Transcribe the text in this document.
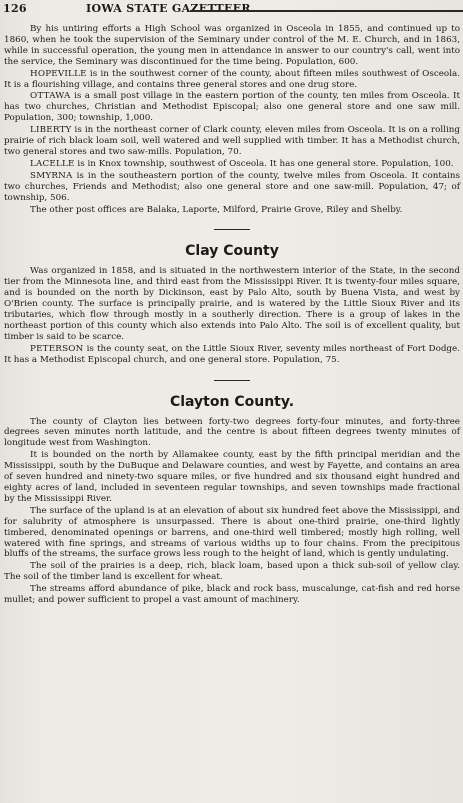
126	IOWA STATE GAZETTEER.

By his untiring efforts a High School was organized in Osceola in 1855, and continued up to 1860, when he took the supervision of the Seminary under control of the M. E. Church, and in 1863, while in successful operation, the young men in attendance in answer to our country's call, went into the service, the Seminary was discontinued for the time being. Population, 600.

HOPEVILLE is in the southwest corner of the county, about fifteen miles southwest of Osceola. It is a flourishing village, and contains three general stores and one drug store.

OTTAWA is a small post village in the eastern portion of the county, ten miles from Osceola. It has two churches, Christian and Methodist Episcopal; also one general store and one saw mill. Population, 300; township, 1,000.

LIBERTY is in the northeast corner of Clark county, eleven miles from Osceola. It is on a rolling prairie of rich black loam soil, well watered and well supplied with timber. It has a Methodist church, two general stores and two saw-mills. Population, 70.

LACELLE is in Knox township, southwest of Osceola. It has one general store. Population, 100.

SMYRNA is in the southeastern portion of the county, twelve miles from Osceola. It contains two churches, Friends and Methodist; also one general store and one saw-mill. Population, 47; of township, 506.

The other post offices are Balaka, Laporte, Milford, Prairie Grove, Riley and Shelby.

Clay County

Was organized in 1858, and is situated in the northwestern interior of the State, in the second tier from the Minnesota line, and third east from the Mississippi River. It is twenty-four miles square, and is bounded on the north by Dickinson, east by Palo Alto, south by Buena Vista, and west by O'Brien county. The surface is principally prairie, and is watered by the Little Sioux River and its tributaries, which flow through mostly in a southerly direction. There is a group of lakes in the northeast portion of this county which also extends into Palo Alto. The soil is of excellent quality, but timber is said to be scarce.

PETERSON is the county seat, on the Little Sioux River, seventy miles northeast of Fort Dodge. It has a Methodist Episcopal church, and one general store. Population, 75.

Clayton County.

The county of Clayton lies between forty-two degrees forty-four minutes, and forty-three degrees seven minutes north latitude, and the centre is about fifteen degrees twenty minutes of longitude west from Washington.

It is bounded on the north by Allamakee county, east by the fifth principal meridian and the Mississippi, south by the DuBuque and Delaware counties, and west by Fayette, and contains an area of seven hundred and ninety-two square miles, or five hundred and six thousand eight hundred and eighty acres of land, included in seventeen regular townships, and seven townships made fractional by the Mississippi River.

The surface of the upland is at an elevation of about six hundred feet above the Mississippi, and for salubrity of atmosphere is unsurpassed. There is about one-third prairie, one-third lightly timbered, denominated openings or barrens, and one-third well timbered; mostly high rolling, well watered with fine springs, and streams of various widths up to four chains. From the precipitous bluffs of the streams, the surface grows less rough to the height of land, which is gently undulating.

The soil of the prairies is a deep, rich, black loam, based upon a thick sub-soil of yellow clay. The soil of the timber land is excellent for wheat.

The streams afford abundance of pike, black and rock bass, muscalunge, cat-fish and red horse mullet; and power sufficient to propel a vast amount of machinery.
